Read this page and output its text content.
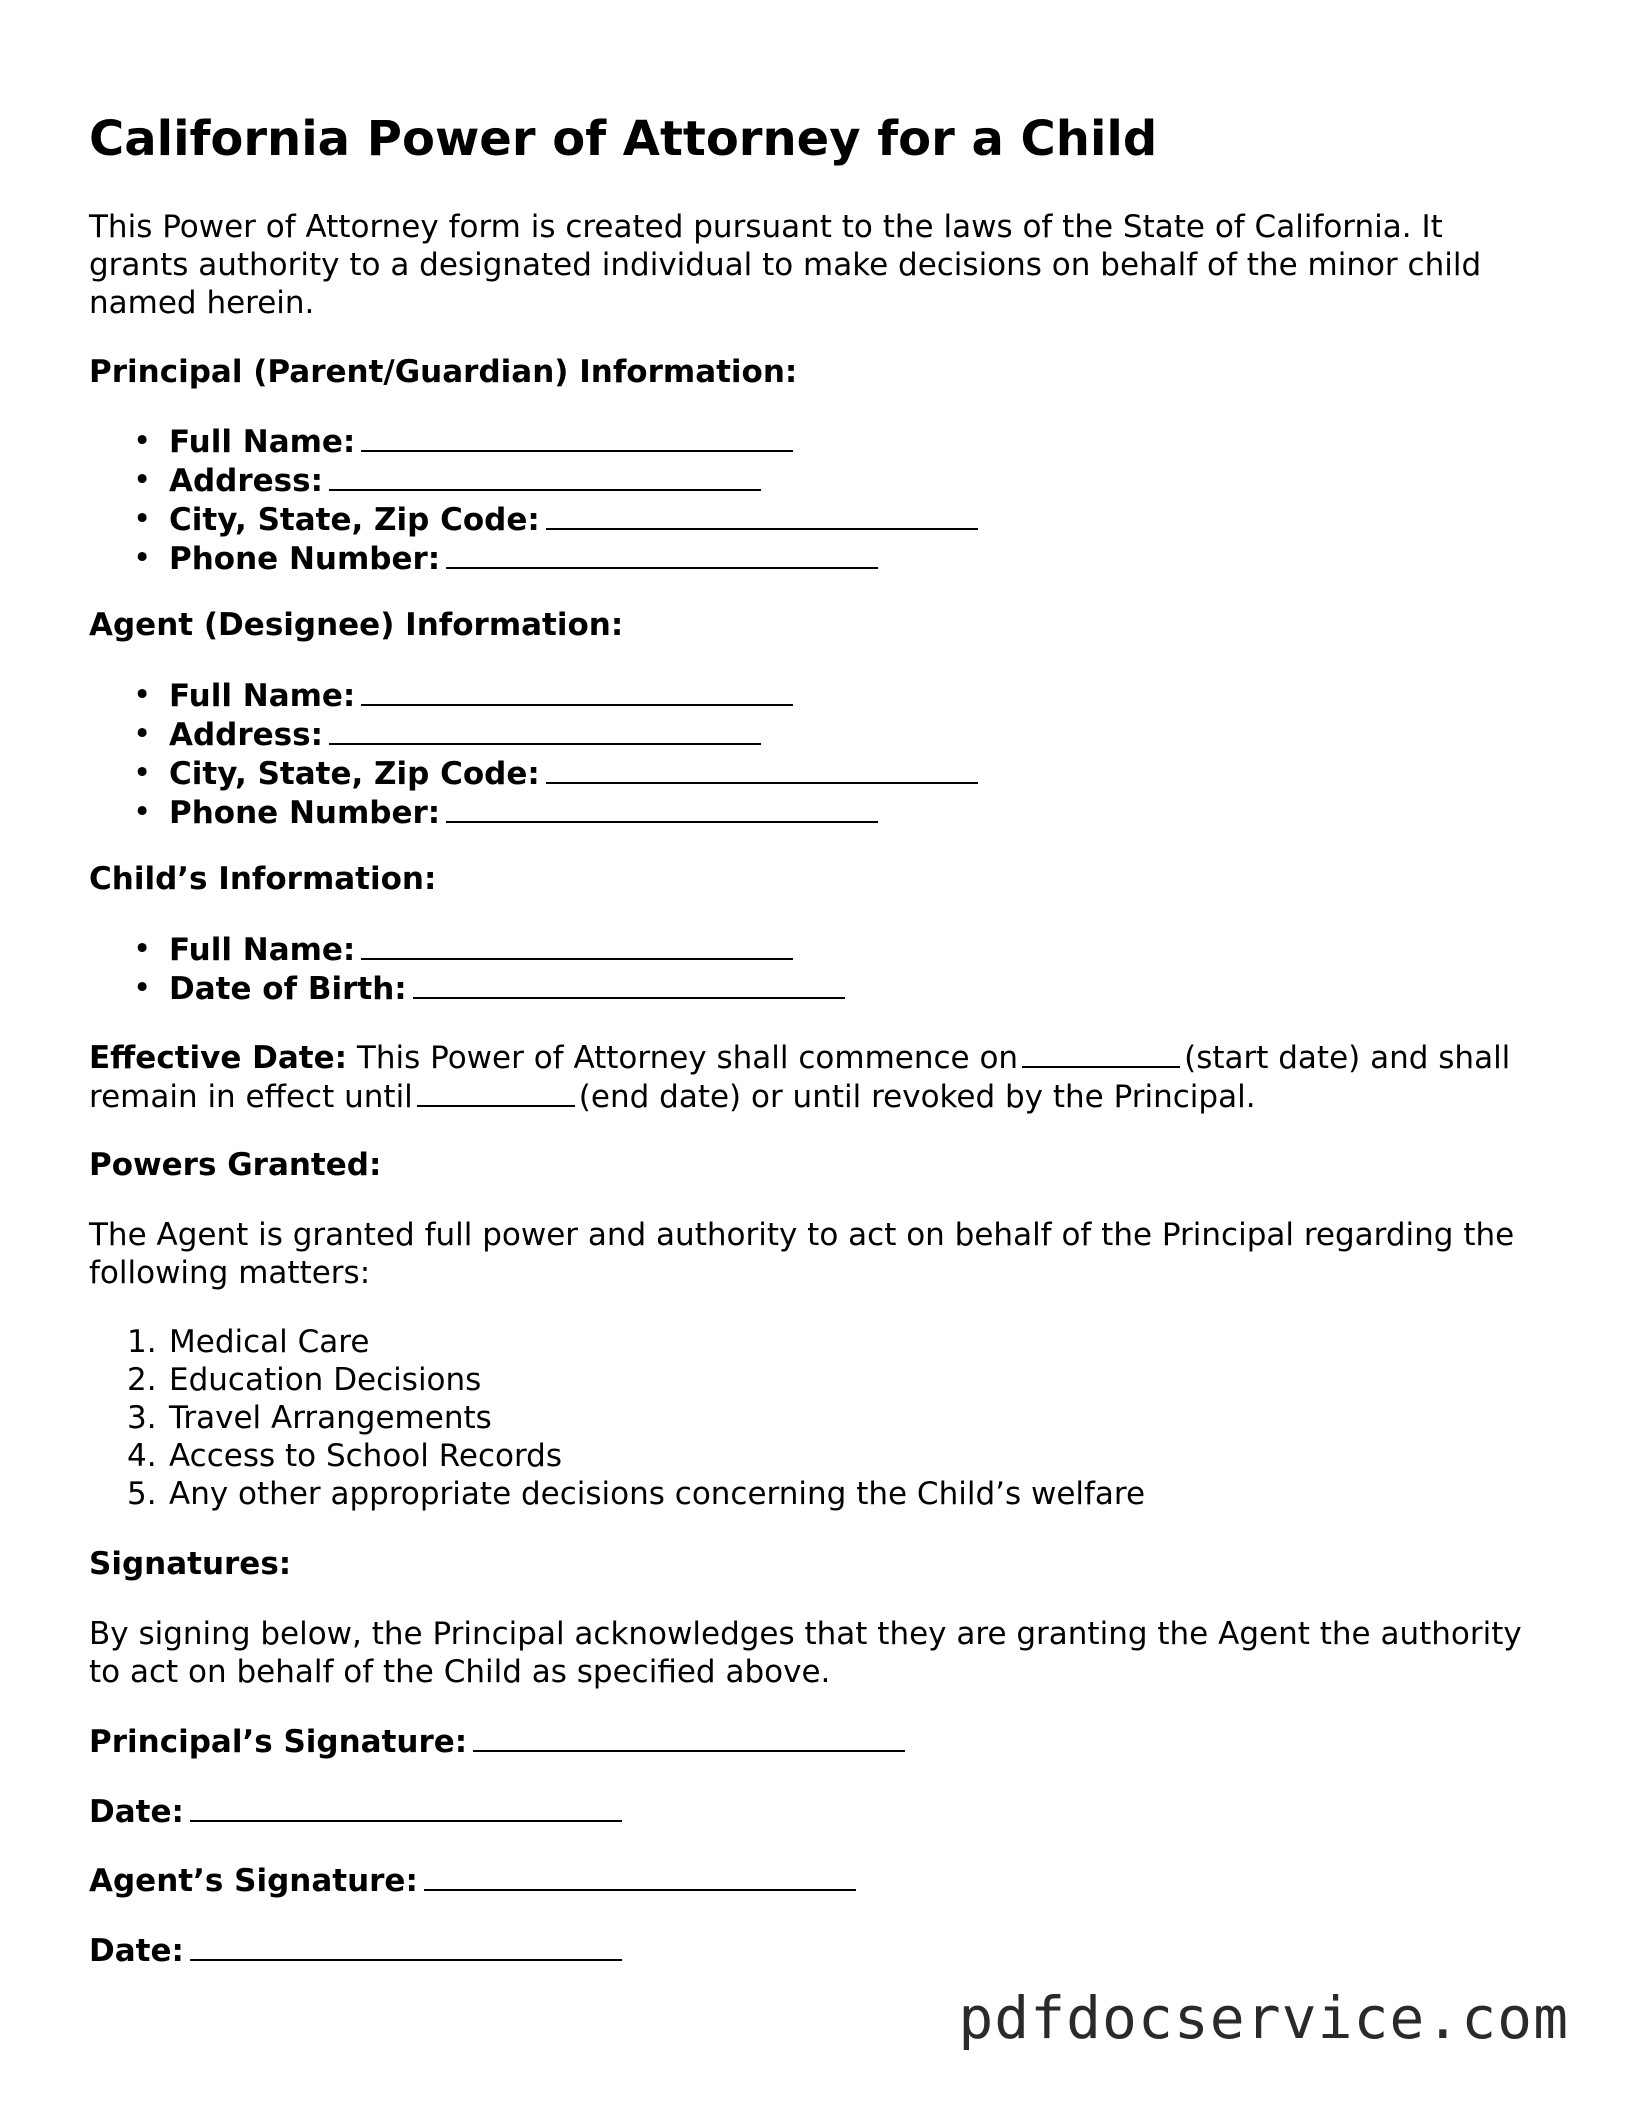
California Power of Attorney for a Child

This Power of Attorney form is created pursuant to the laws of the State of California. It grants authority to a designated individual to make decisions on behalf of the minor child named herein.

Principal (Parent/Guardian) Information:
• Full Name:
• Address:
• City, State, Zip Code:
• Phone Number:
Agent (Designee) Information:
• Full Name:
• Address:
• City, State, Zip Code:
• Phone Number:
Child’s Information:
• Full Name:
• Date of Birth:

Effective Date: This Power of Attorney shall commence on	(start date) and shall remain in effect until	(end date) or until revoked by the Principal.

Powers Granted:

The Agent is granted full power and authority to act on behalf of the Principal regarding the following matters:

1. Medical Care
2. Education Decisions
3. Travel Arrangements
4. Access to School Records
5. Any other appropriate decisions concerning the Child’s welfare
Signatures:

By signing below, the Principal acknowledges that they are granting the Agent the authority to act on behalf of the Child as specified above.

Principal’s Signature:

Date:

Agent’s Signature:

Date:

pdfdocservice.com
